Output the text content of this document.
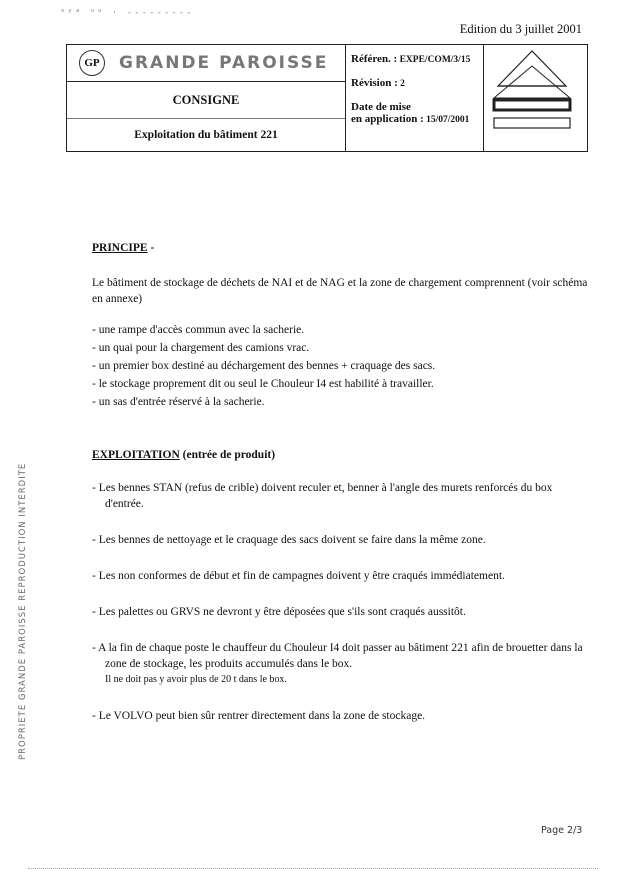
ᵉʸᵃ ᵘᵘ · ‐‐‐‐‐‐‐‐‐
Edition du 3 juillet 2001
GP	GRANDE PAROISSE
CONSIGNE
Exploitation du bâtiment 221
Référen. : EXPE/COM/3/15
Révision : 2
Date de mise
en application : 15/07/2001

PRINCIPE -

Le bâtiment de stockage de déchets de NAI et de NAG et la zone de chargement comprennent (voir schéma en annexe)

- une rampe d'accès commun avec la sacherie.

- un quai pour la chargement des camions vrac.

- un premier box destiné au déchargement des bennes + craquage des sacs.

- le stockage proprement dit ou seul le Chouleur I4 est habilité à travailler.

- un sas d'entrée réservé à la sacherie.

EXPLOITATION (entrée de produit)

- Les bennes STAN (refus de crible) doivent reculer et, benner à l'angle des murets renforcés du box d'entrée.

- Les bennes de nettoyage et le craquage des sacs doivent se faire dans la même zone.

- Les non conformes de début et fin de campagnes doivent y être craqués immédiatement.

- Les palettes ou GRVS ne devront y être déposées que s'ils sont craqués aussitôt.

- A la fin de chaque poste le chauffeur du Chouleur I4 doit passer au bâtiment 221 afin de brouetter dans la zone de stockage, les produits accumulés dans le box.

Il ne doit pas y avoir plus de 20 t dans le box.

- Le VOLVO peut bien sûr rentrer directement dans la zone de stockage.

PROPRIETE GRANDE PAROISSE REPRODUCTION INTERDITE
Page 2/3
